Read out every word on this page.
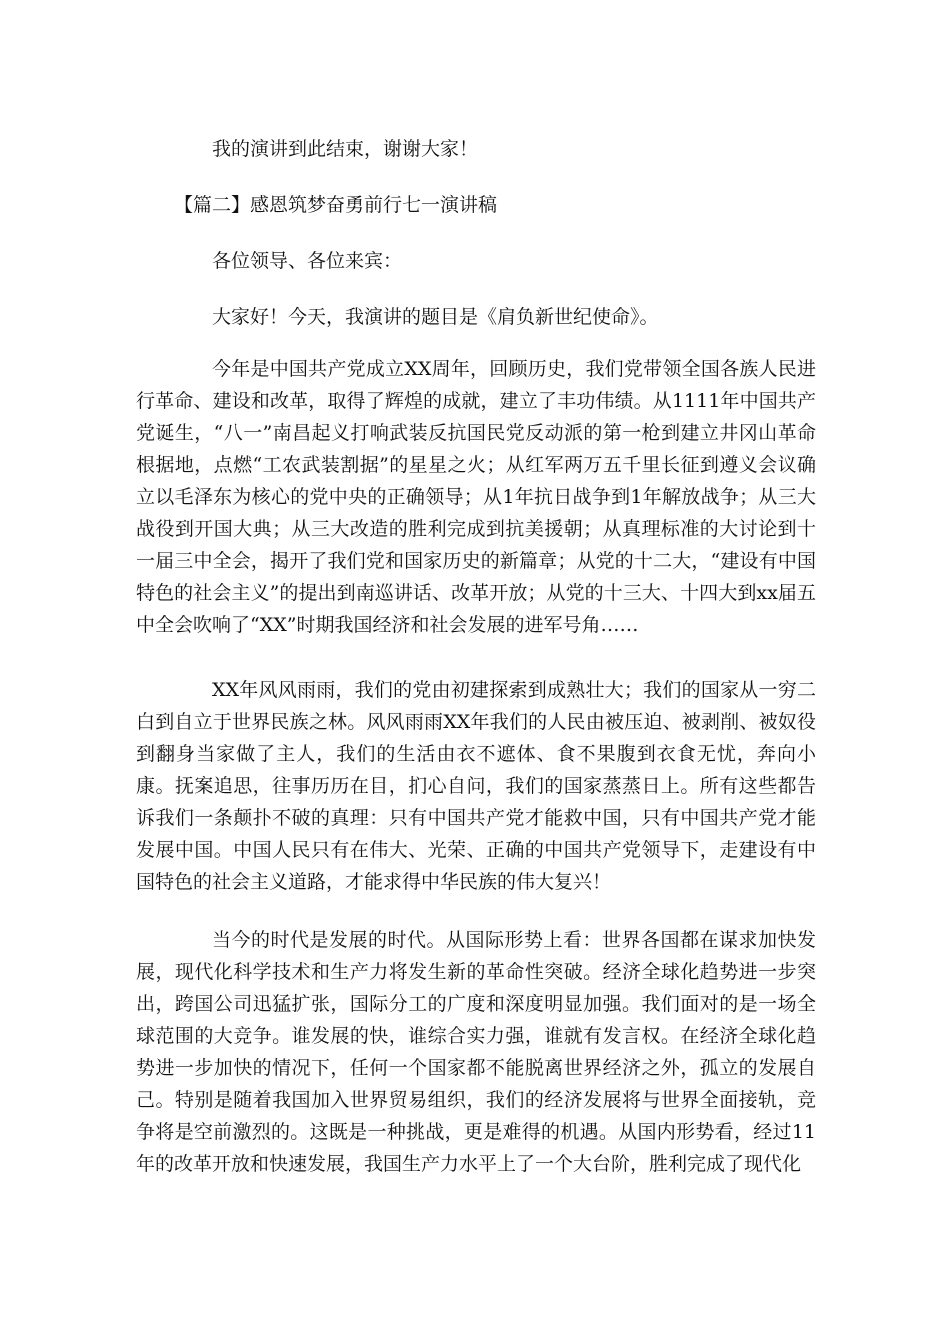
我的演讲到此结束，谢谢大家！
【篇二】感恩筑梦奋勇前行七一演讲稿
各位领导、各位来宾：
大家好！今天，我演讲的题目是《肩负新世纪使命》。
今年是中国共产党成立XX周年，回顾历史，我们党带领全国各族人民进行革命、建设和改革，取得了辉煌的成就，建立了丰功伟绩。从1111年中国共产党诞生，“八一”南昌起义打响武装反抗国民党反动派的第一枪到建立井冈山革命根据地，点燃“工农武装割据”的星星之火；从红军两万五千里长征到遵义会议确立以毛泽东为核心的党中央的正确领导；从1年抗日战争到1年解放战争；从三大战役到开国大典；从三大改造的胜利完成到抗美援朝；从真理标准的大讨论到十一届三中全会，揭开了我们党和国家历史的新篇章；从党的十二大，“建设有中国特色的社会主义”的提出到南巡讲话、改革开放；从党的十三大、十四大到xx届五中全会吹响了“XX”时期我国经济和社会发展的进军号角……
XX年风风雨雨，我们的党由初建探索到成熟壮大；我们的国家从一穷二白到自立于世界民族之林。风风雨雨XX年我们的人民由被压迫、被剥削、被奴役到翻身当家做了主人，我们的生活由衣不遮体、食不果腹到衣食无忧，奔向小康。抚案追思，往事历历在目，扪心自问，我们的国家蒸蒸日上。所有这些都告诉我们一条颠扑不破的真理：只有中国共产党才能救中国，只有中国共产党才能发展中国。中国人民只有在伟大、光荣、正确的中国共产党领导下，走建设有中国特色的社会主义道路，才能求得中华民族的伟大复兴！
当今的时代是发展的时代。从国际形势上看：世界各国都在谋求加快发展，现代化科学技术和生产力将发生新的革命性突破。经济全球化趋势进一步突出，跨国公司迅猛扩张，国际分工的广度和深度明显加强。我们面对的是一场全球范围的大竞争。谁发展的快，谁综合实力强，谁就有发言权。在经济全球化趋势进一步加快的情况下，任何一个国家都不能脱离世界经济之外，孤立的发展自己。特别是随着我国加入世界贸易组织，我们的经济发展将与世界全面接轨，竞争将是空前激烈的。这既是一种挑战，更是难得的机遇。从国内形势看，经过11年的改革开放和快速发展，我国生产力水平上了一个大台阶，胜利完成了现代化
